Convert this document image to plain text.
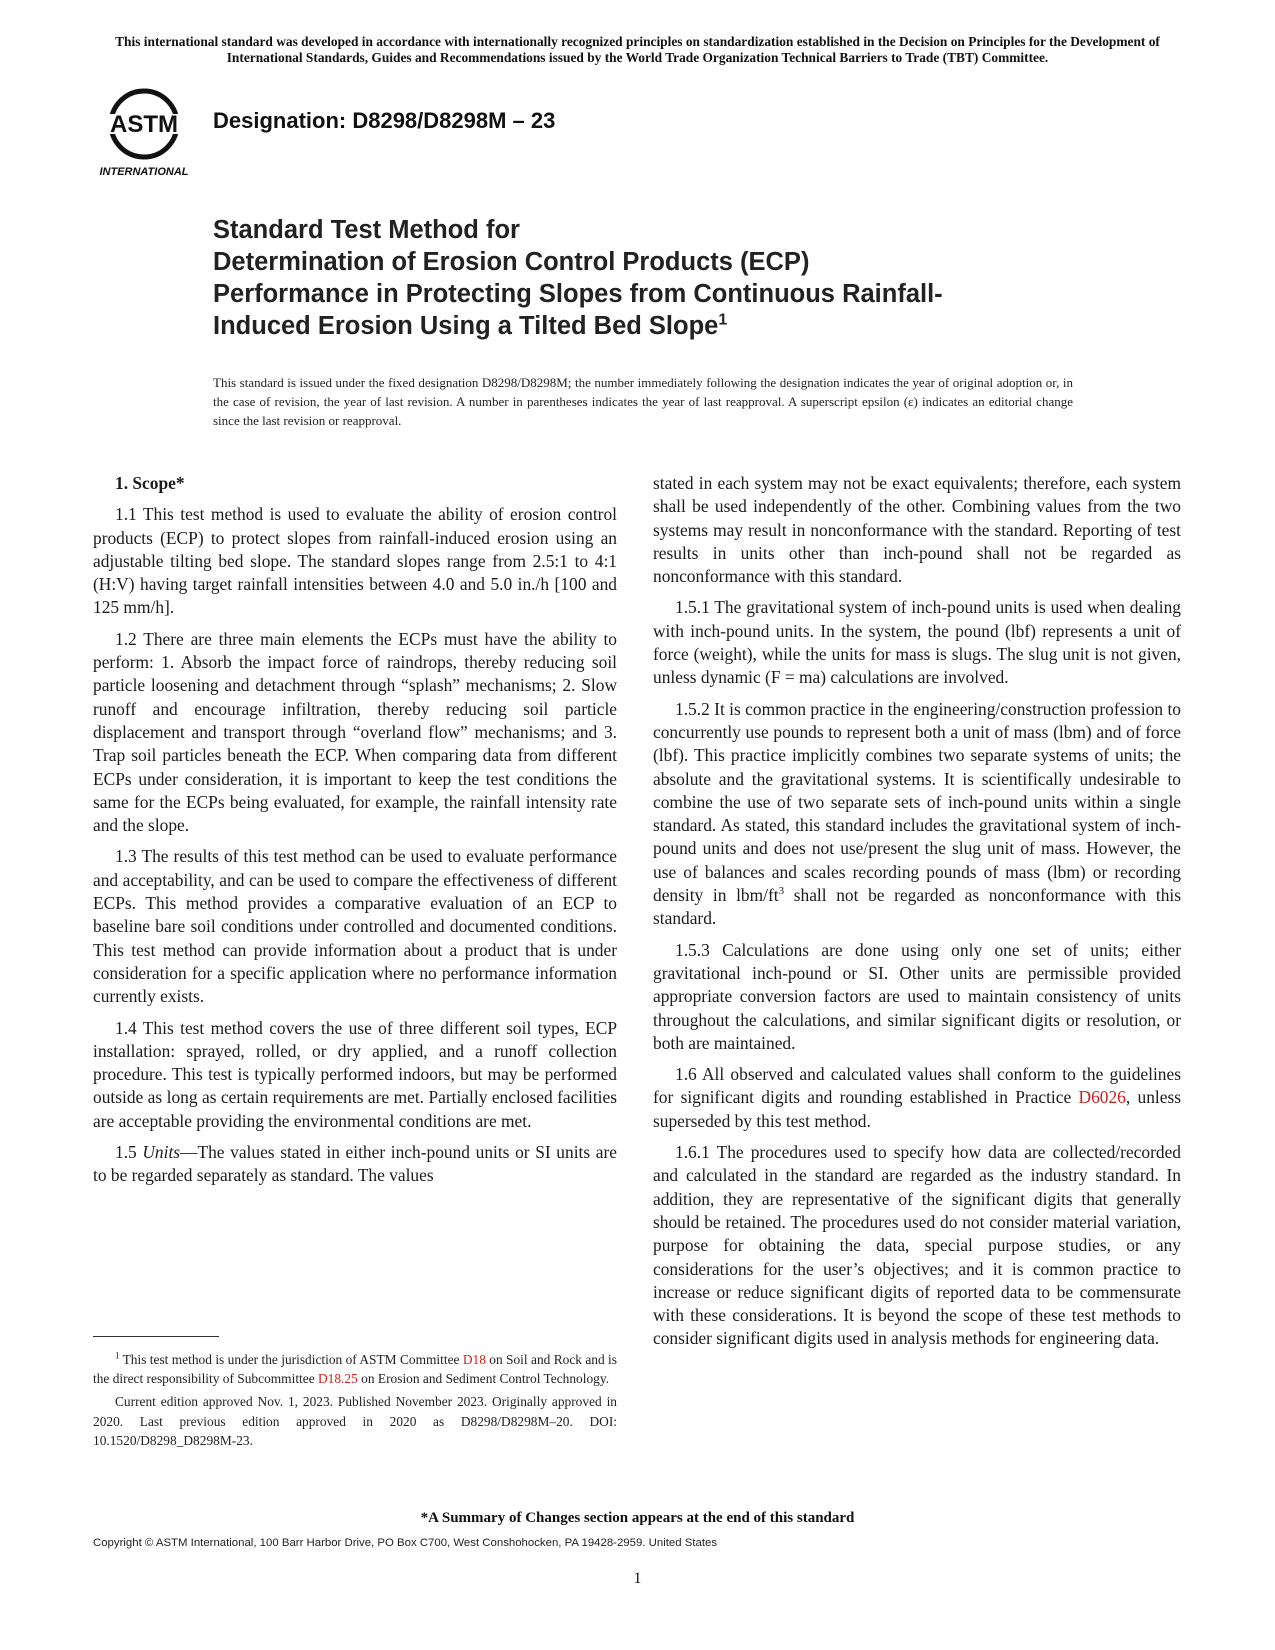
This international standard was developed in accordance with internationally recognized principles on standardization established in the Decision on Principles for the Development of International Standards, Guides and Recommendations issued by the World Trade Organization Technical Barriers to Trade (TBT) Committee.
ASTM
INTERNATIONAL
Designation: D8298/D8298M – 23
Standard Test Method for
Determination of Erosion Control Products (ECP)
Performance in Protecting Slopes from Continuous Rainfall-
Induced Erosion Using a Tilted Bed Slope$^1$
This standard is issued under the fixed designation D8298/D8298M; the number immediately following the designation indicates the year of original adoption or, in the case of revision, the year of last revision. A number in parentheses indicates the year of last reapproval. A superscript epsilon (ε) indicates an editorial change since the last revision or reapproval.

1. Scope*

1.1 This test method is used to evaluate the ability of erosion control products (ECP) to protect slopes from rainfall-induced erosion using an adjustable tilting bed slope. The standard slopes range from 2.5:1 to 4:1 (H:V) having target rainfall intensities between 4.0 and 5.0 in./h [100 and 125 mm/h].

1.2 There are three main elements the ECPs must have the ability to perform: 1. Absorb the impact force of raindrops, thereby reducing soil particle loosening and detachment through “splash” mechanisms; 2. Slow runoff and encourage infiltration, thereby reducing soil particle displacement and transport through “overland flow” mechanisms; and 3. Trap soil particles beneath the ECP. When comparing data from different ECPs under consideration, it is important to keep the test conditions the same for the ECPs being evaluated, for example, the rainfall intensity rate and the slope.

1.3 The results of this test method can be used to evaluate performance and acceptability, and can be used to compare the effectiveness of different ECPs. This method provides a comparative evaluation of an ECP to baseline bare soil conditions under controlled and documented conditions. This test method can provide information about a product that is under consideration for a specific application where no performance information currently exists.

1.4 This test method covers the use of three different soil types, ECP installation: sprayed, rolled, or dry applied, and a runoff collection procedure. This test is typically performed indoors, but may be performed outside as long as certain requirements are met. Partially enclosed facilities are acceptable providing the environmental conditions are met.

1.5 Units—The values stated in either inch-pound units or SI units are to be regarded separately as standard. The values

stated in each system may not be exact equivalents; therefore, each system shall be used independently of the other. Combining values from the two systems may result in nonconformance with the standard. Reporting of test results in units other than inch-pound shall not be regarded as nonconformance with this standard.

1.5.1 The gravitational system of inch-pound units is used when dealing with inch-pound units. In the system, the pound (lbf) represents a unit of force (weight), while the units for mass is slugs. The slug unit is not given, unless dynamic (F = ma) calculations are involved.

1.5.2 It is common practice in the engineering/construction profession to concurrently use pounds to represent both a unit of mass (lbm) and of force (lbf). This practice implicitly combines two separate systems of units; the absolute and the gravitational systems. It is scientifically undesirable to combine the use of two separate sets of inch-pound units within a single standard. As stated, this standard includes the gravitational system of inch-pound units and does not use/present the slug unit of mass. However, the use of balances and scales recording pounds of mass (lbm) or recording density in lbm/$ft^3$ shall not be regarded as nonconformance with this standard.

1.5.3 Calculations are done using only one set of units; either gravitational inch-pound or SI. Other units are permissible provided appropriate conversion factors are used to maintain consistency of units throughout the calculations, and similar significant digits or resolution, or both are maintained.

1.6 All observed and calculated values shall conform to the guidelines for significant digits and rounding established in Practice D6026, unless superseded by this test method.

1.6.1 The procedures used to specify how data are collected/recorded and calculated in the standard are regarded as the industry standard. In addition, they are representative of the significant digits that generally should be retained. The procedures used do not consider material variation, purpose for obtaining the data, special purpose studies, or any considerations for the user’s objectives; and it is common practice to increase or reduce significant digits of reported data to be commensurate with these considerations. It is beyond the scope of these test methods to consider significant digits used in analysis methods for engineering data.

$^1$ This test method is under the jurisdiction of ASTM Committee D18 on Soil and Rock and is the direct responsibility of Subcommittee D18.25 on Erosion and Sediment Control Technology.

Current edition approved Nov. 1, 2023. Published November 2023. Originally approved in 2020. Last previous edition approved in 2020 as D8298/D8298M–20. DOI: 10.1520/D8298_D8298M-23.

*A Summary of Changes section appears at the end of this standard
Copyright © ASTM International, 100 Barr Harbor Drive, PO Box C700, West Conshohocken, PA 19428-2959. United States
1
